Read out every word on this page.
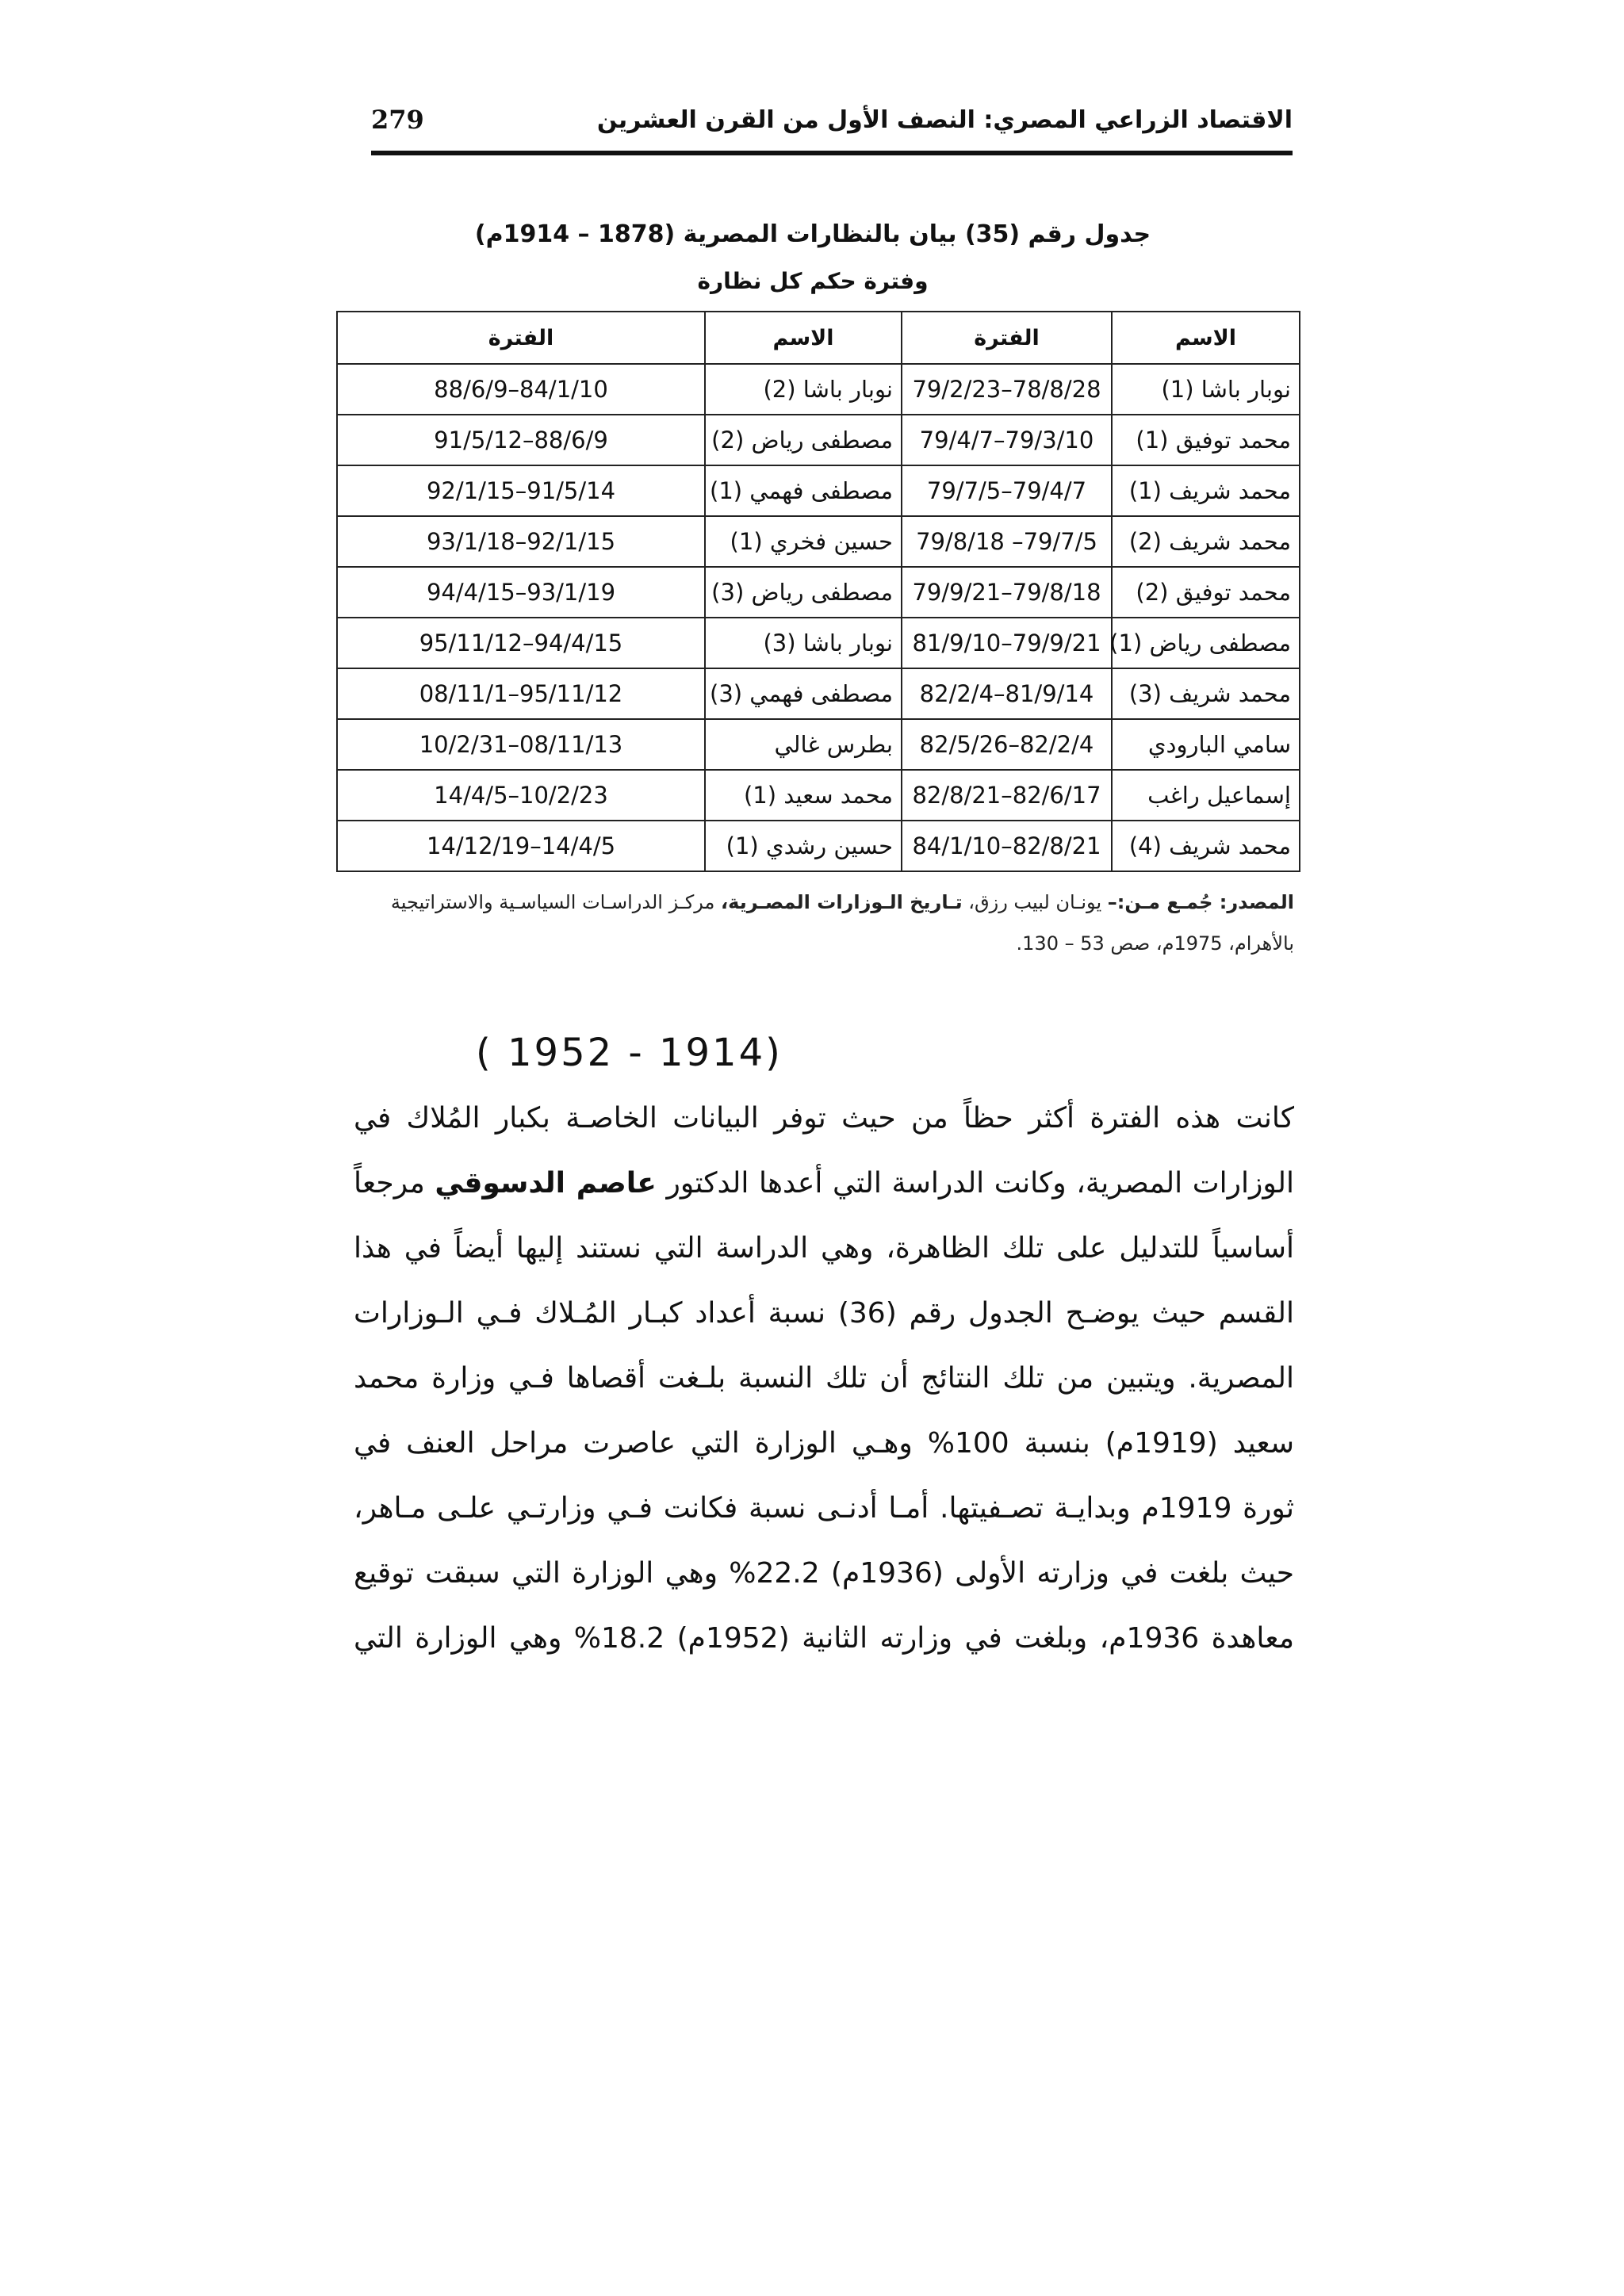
الاقتصاد الزراعي المصري: النصف الأول من القرن العشرين
279
جدول رقم (35) بيان بالنظارات المصرية (1878 – 1914م)
وفترة حكم كل نظارة
الاسم	الفترة	الاسم	الفترة
نوبار باشا (1)	79/2/23–78/8/28	نوبار باشا (2)	88/6/9–84/1/10
محمد توفيق (1)	79/4/7–79/3/10	مصطفى رياض (2)	91/5/12–88/6/9
محمد شريف (1)	79/7/5–79/4/7	مصطفى فهمي (1)	92/1/15–91/5/14
محمد شريف (2)	79/8/18 –79/7/5	حسين فخري (1)	93/1/18–92/1/15
محمد توفيق (2)	79/9/21–79/8/18	مصطفى رياض (3)	94/4/15–93/1/19
مصطفى رياض (1)	81/9/10–79/9/21	نوبار باشا (3)	95/11/12–94/4/15
محمد شريف (3)	82/2/4–81/9/14	مصطفى فهمي (3)	08/11/1–95/11/12
سامي البارودي	82/5/26–82/2/4	بطرس غالي	10/2/31–08/11/13
إسماعيل راغب	82/8/21–82/6/17	محمد سعيد (1)	14/4/5–10/2/23
محمد شريف (4)	84/1/10–82/8/21	حسين رشدي (1)	14/12/19–14/4/5
المصدر: جُمـع مـن:– يونـان لبيب رزق، تـاريخ الـوزارات المصـرية، مركـز الدراسـات السياسـية والاستراتيجية
بالأهرام، 1975م، صص 53 – 130.
( 1952 - 1914)
كانت هذه الفترة أكثر حظاً من حيث توفر البيانات الخاصـة بكبار المُلاك في
الوزارات المصرية، وكانت الدراسة التي أعدها الدكتور عاصم الدسوقي مرجعاً
أساسياً للتدليل على تلك الظاهرة، وهي الدراسة التي نستند إليها أيضاً في هذا
القسم حيث يوضـح الجدول رقم (36) نسبة أعداد كبـار المُـلاك فـي الـوزارات
المصرية. ويتبين من تلك النتائج أن تلك النسبة بلـغت أقصاها فـي وزارة محمد
سعيد (1919م) بنسبة 100% وهـي الوزارة التي عاصرت مراحل العنف في
ثورة 1919م وبدايـة تصـفيتها. أمـا أدنـى نسبة فكانت فـي وزارتـي علـى مـاهر،
حيث بلغت في وزارته الأولى (1936م) 22.2% وهي الوزارة التي سبقت توقيع
معاهدة 1936م، وبلغت في وزارته الثانية (1952م) 18.2% وهي الوزارة التي
